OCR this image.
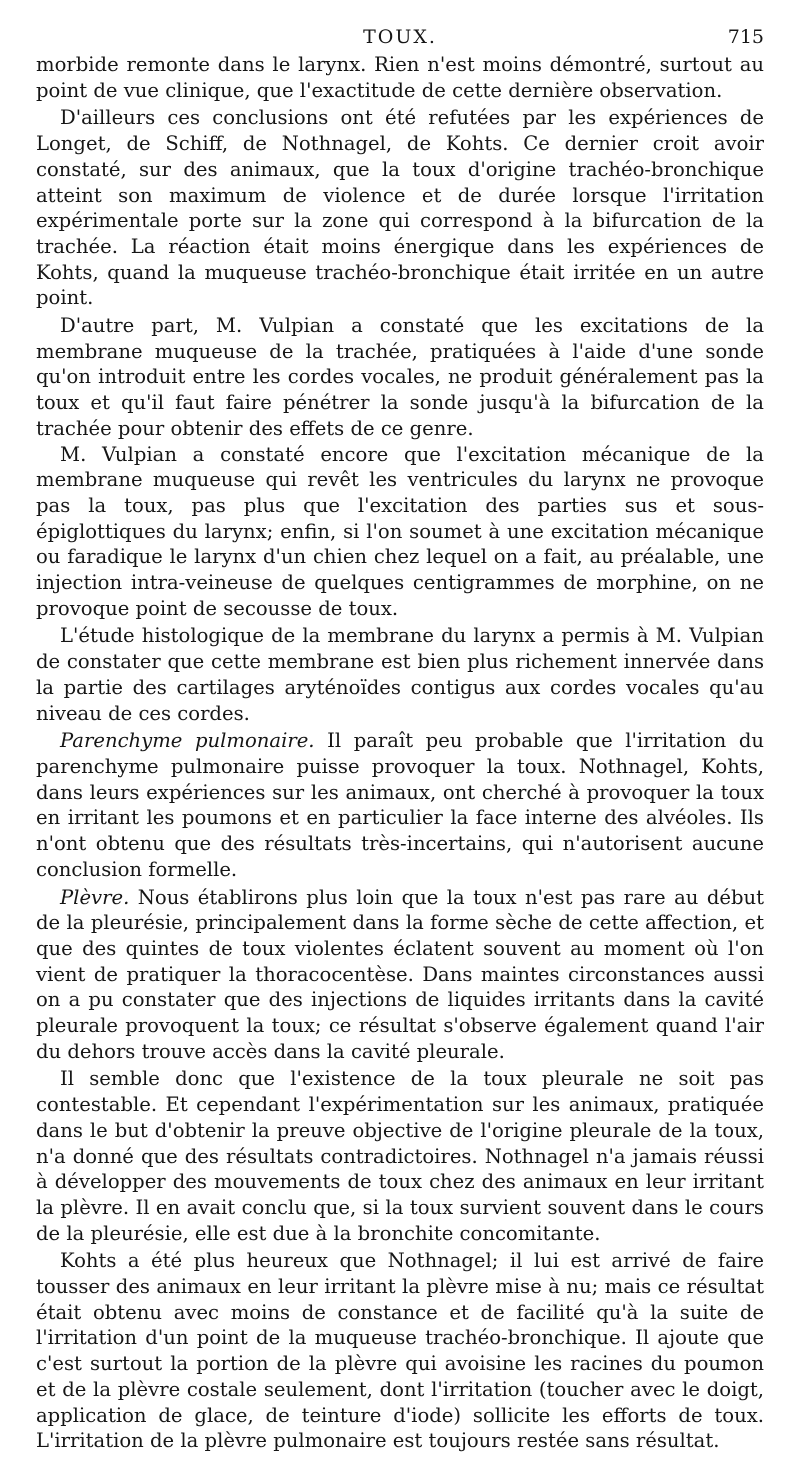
TOUX.	715

morbide remonte dans le larynx. Rien n'est moins démontré, surtout au point de vue clinique, que l'exactitude de cette dernière observation.

D'ailleurs ces conclusions ont été refutées par les expériences de Longet, de Schiff, de Nothnagel, de Kohts. Ce dernier croit avoir constaté, sur des animaux, que la toux d'origine trachéo-bronchique atteint son maximum de violence et de durée lorsque l'irritation expérimentale porte sur la zone qui correspond à la bifurcation de la trachée. La réaction était moins énergique dans les expériences de Kohts, quand la muqueuse trachéo-bronchique était irritée en un autre point.

D'autre part, M. Vulpian a constaté que les excitations de la membrane muqueuse de la trachée, pratiquées à l'aide d'une sonde qu'on introduit entre les cordes vocales, ne produit généralement pas la toux et qu'il faut faire pénétrer la sonde jusqu'à la bifurcation de la trachée pour obtenir des effets de ce genre.

M. Vulpian a constaté encore que l'excitation mécanique de la membrane muqueuse qui revêt les ventricules du larynx ne provoque pas la toux, pas plus que l'excitation des parties sus et sous-épiglottiques du larynx; enfin, si l'on soumet à une excitation mécanique ou faradique le larynx d'un chien chez lequel on a fait, au préalable, une injection intra-veineuse de quelques centigrammes de morphine, on ne provoque point de secousse de toux.

L'étude histologique de la membrane du larynx a permis à M. Vulpian de constater que cette membrane est bien plus richement innervée dans la partie des cartilages aryténoïdes contigus aux cordes vocales qu'au niveau de ces cordes.

Parenchyme pulmonaire. Il paraît peu probable que l'irritation du parenchyme pulmonaire puisse provoquer la toux. Nothnagel, Kohts, dans leurs expériences sur les animaux, ont cherché à provoquer la toux en irritant les poumons et en particulier la face interne des alvéoles. Ils n'ont obtenu que des résultats très-incertains, qui n'autorisent aucune conclusion formelle.

Plèvre. Nous établirons plus loin que la toux n'est pas rare au début de la pleurésie, principalement dans la forme sèche de cette affection, et que des quintes de toux violentes éclatent souvent au moment où l'on vient de pratiquer la thoracocentèse. Dans maintes circonstances aussi on a pu constater que des injections de liquides irritants dans la cavité pleurale provoquent la toux; ce résultat s'observe également quand l'air du dehors trouve accès dans la cavité pleurale.

Il semble donc que l'existence de la toux pleurale ne soit pas contestable. Et cependant l'expérimentation sur les animaux, pratiquée dans le but d'obtenir la preuve objective de l'origine pleurale de la toux, n'a donné que des résultats contradictoires. Nothnagel n'a jamais réussi à développer des mouvements de toux chez des animaux en leur irritant la plèvre. Il en avait conclu que, si la toux survient souvent dans le cours de la pleurésie, elle est due à la bronchite concomitante.

Kohts a été plus heureux que Nothnagel; il lui est arrivé de faire tousser des animaux en leur irritant la plèvre mise à nu; mais ce résultat était obtenu avec moins de constance et de facilité qu'à la suite de l'irritation d'un point de la muqueuse trachéo-bronchique. Il ajoute que c'est surtout la portion de la plèvre qui avoisine les racines du poumon et de la plèvre costale seulement, dont l'irritation (toucher avec le doigt, application de glace, de teinture d'iode) sollicite les efforts de toux. L'irritation de la plèvre pulmonaire est toujours restée sans résultat.
